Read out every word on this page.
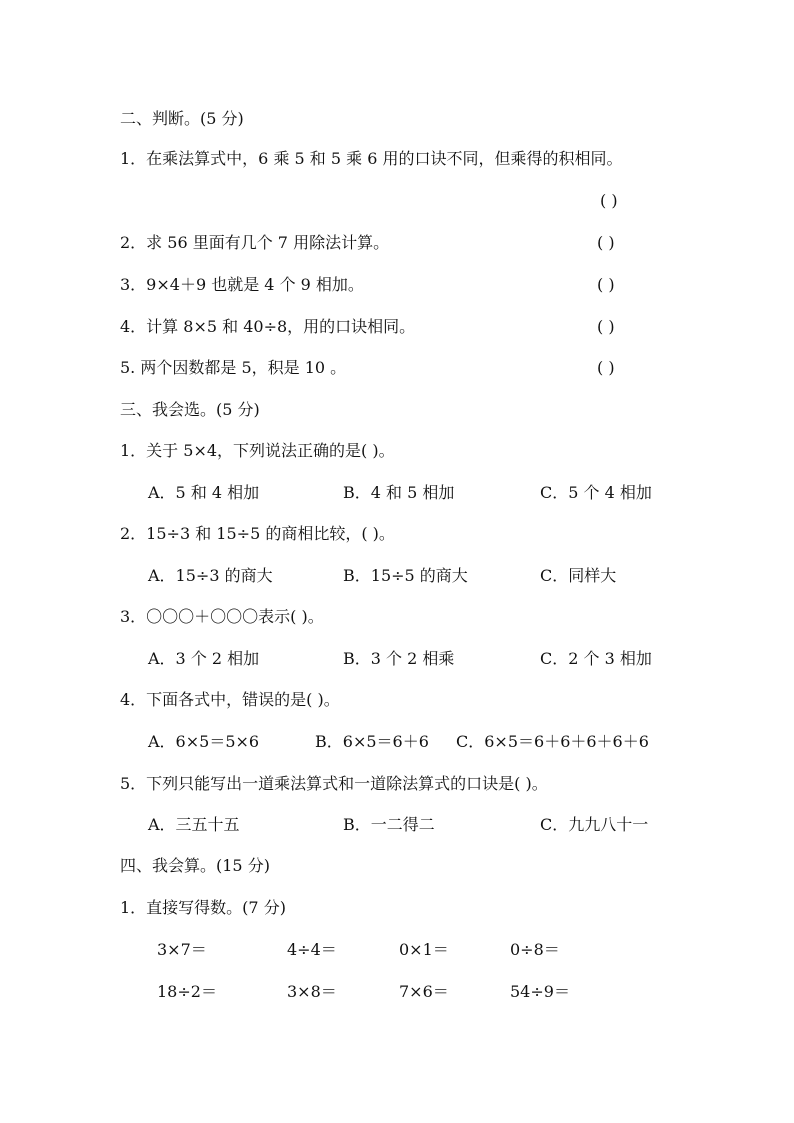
二、判断。(5 分)
1．在乘法算式中，6 乘 5 和 5 乘 6 用的口诀不同，但乘得的积相同。
( )
2．求 56 里面有几个 7 用除法计算。	( )
3．9×4＋9 也就是 4 个 9 相加。	( )
4．计算 8×5 和 40÷8，用的口诀相同。	( )
5. 两个因数都是 5，积是 10 。	( )
三、我会选。(5 分)
1．关于 5×4，下列说法正确的是( )。
A．5 和 4 相加	B．4 和 5 相加	C．5 个 4 相加
2．15÷3 和 15÷5 的商相比较，( )。
A．15÷3 的商大	B．15÷5 的商大	C．同样大
3．〇〇〇＋〇〇〇表示( )。
A．3 个 2 相加	B．3 个 2 相乘	C．2 个 3 相加
4．下面各式中，错误的是( )。
A．6×5＝5×6	B．6×5＝6＋6 C．6×5＝6＋6＋6＋6＋6
5．下列只能写出一道乘法算式和一道除法算式的口诀是( )。
A．三五十五	B．一二得二	C．九九八十一
四、我会算。(15 分)
1．直接写得数。(7 分)
3×7＝	4÷4＝	0×1＝	0÷8＝
18÷2＝	3×8＝	7×6＝	54÷9＝
